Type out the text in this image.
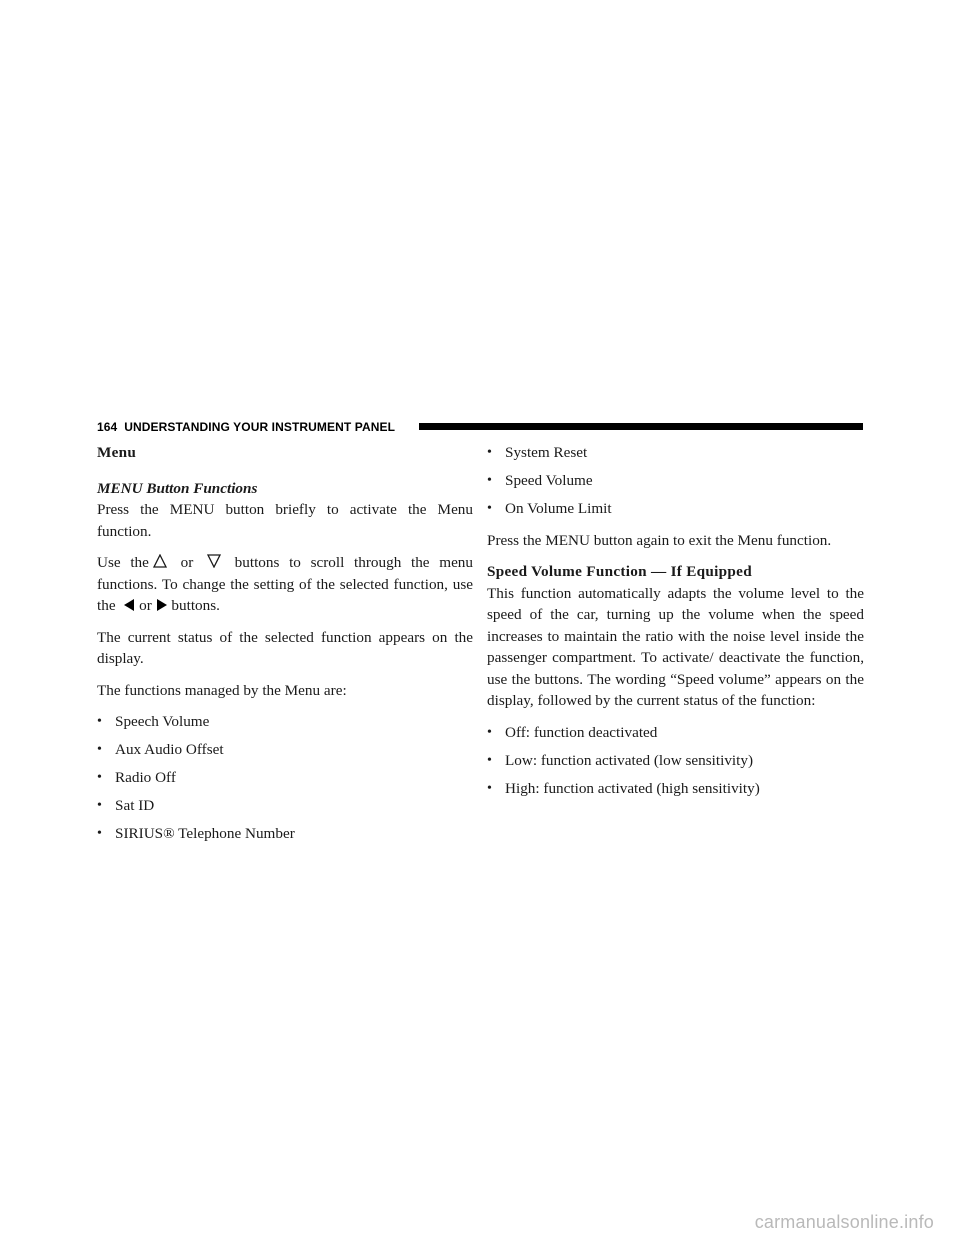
164 UNDERSTANDING YOUR INSTRUMENT PANEL
Menu
MENU Button Functions

Press the MENU button briefly to activate the Menu function.

Use the or	buttons to scroll through the menu functions. To change the setting of the selected function, use the or buttons.

The current status of the selected function appears on the display.

The functions managed by the Menu are:

• Speech Volume
• Aux Audio Offset
• Radio Off
• Sat ID
• SIRIUS® Telephone Number
• System Reset
• Speed Volume
• On Volume Limit

Press the MENU button again to exit the Menu function.

Speed Volume Function — If Equipped

This function automatically adapts the volume level to the speed of the car, turning up the volume when the speed increases to maintain the ratio with the noise level inside the passenger compartment. To activate/ deactivate the function, use the buttons. The wording “Speed volume” appears on the display, followed by the current status of the function:

• Off: function deactivated
• Low: function activated (low sensitivity)
• High: function activated (high sensitivity)
carmanualsonline.info
